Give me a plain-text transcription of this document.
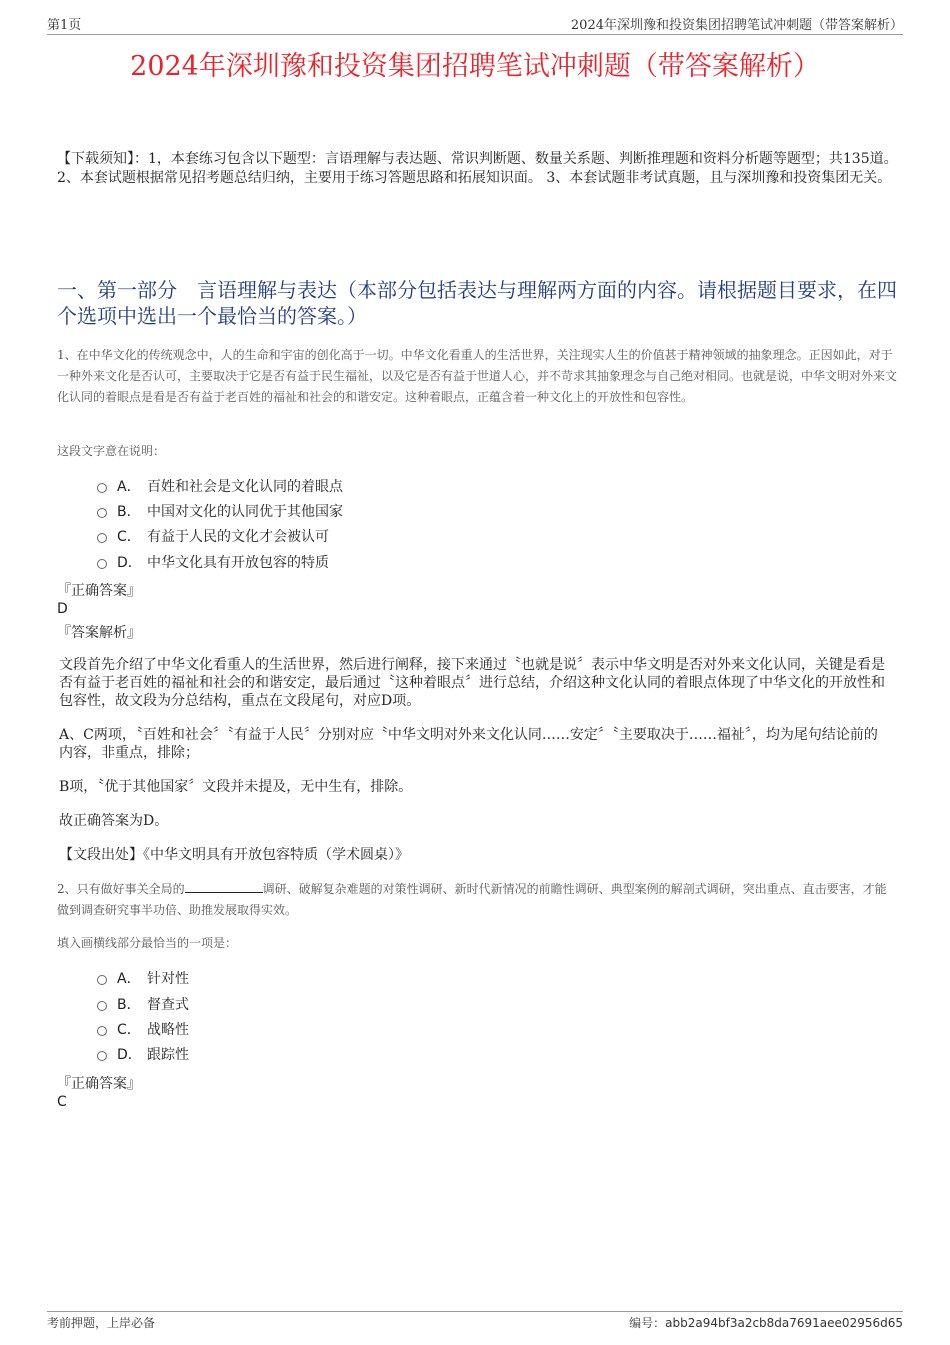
第1页	2024年深圳豫和投资集团招聘笔试冲刺题（带答案解析）
2024年深圳豫和投资集团招聘笔试冲刺题（带答案解析）
【下载须知】：1，本套练习包含以下题型：言语理解与表达题、常识判断题、数量关系题、判断推理题和资料分析题等题型；共135道。 2、本套试题根据常见招考题总结归纳，主要用于练习答题思路和拓展知识面。 3、本套试题非考试真题，且与深圳豫和投资集团无关。
一、第一部分　言语理解与表达（本部分包括表达与理解两方面的内容。请根据题目要求，在四个选项中选出一个最恰当的答案。）
1、在中华文化的传统观念中，人的生命和宇宙的创化高于一切。中华文化看重人的生活世界，关注现实人生的价值甚于精神领域的抽象理念。正因如此，对于一种外来文化是否认可，主要取决于它是否有益于民生福祉，以及它是否有益于世道人心，并不苛求其抽象理念与自己绝对相同。也就是说，中华文明对外来文化认同的着眼点是看是否有益于老百姓的福祉和社会的和谐安定。这种着眼点，正蕴含着一种文化上的开放性和包容性。
这段文字意在说明：
A． 百姓和社会是文化认同的着眼点
B． 中国对文化的认同优于其他国家
C． 有益于人民的文化才会被认可
D． 中华文化具有开放包容的特质
『正确答案』
D
『答案解析』
文段首先介绍了中华文化看重人的生活世界，然后进行阐释，接下来通过〝也就是说〞表示中华文明是否对外来文化认同，关键是看是否有益于老百姓的福祉和社会的和谐安定，最后通过〝这种着眼点〞进行总结，介绍这种文化认同的着眼点体现了中华文化的开放性和包容性，故文段为分总结构，重点在文段尾句，对应D项。
A、C两项，〝百姓和社会〞〝有益于人民〞分别对应〝中华文明对外来文化认同……安定〞〝主要取决于……福祉〞，均为尾句结论前的内容，非重点，排除；
B项，〝优于其他国家〞文段并未提及，无中生有，排除。
故正确答案为D。
【文段出处】《中华文明具有开放包容特质（学术圆桌）》
2、只有做好事关全局的	调研、破解复杂难题的对策性调研、新时代新情况的前瞻性调研、典型案例的解剖式调研，突出重点、直击要害，才能做到调查研究事半功倍、助推发展取得实效。
填入画横线部分最恰当的一项是：
A． 针对性
B． 督查式
C． 战略性
D． 跟踪性
『正确答案』
C
考前押题，上岸必备	编号：abb2a94bf3a2cb8da7691aee02956d65
